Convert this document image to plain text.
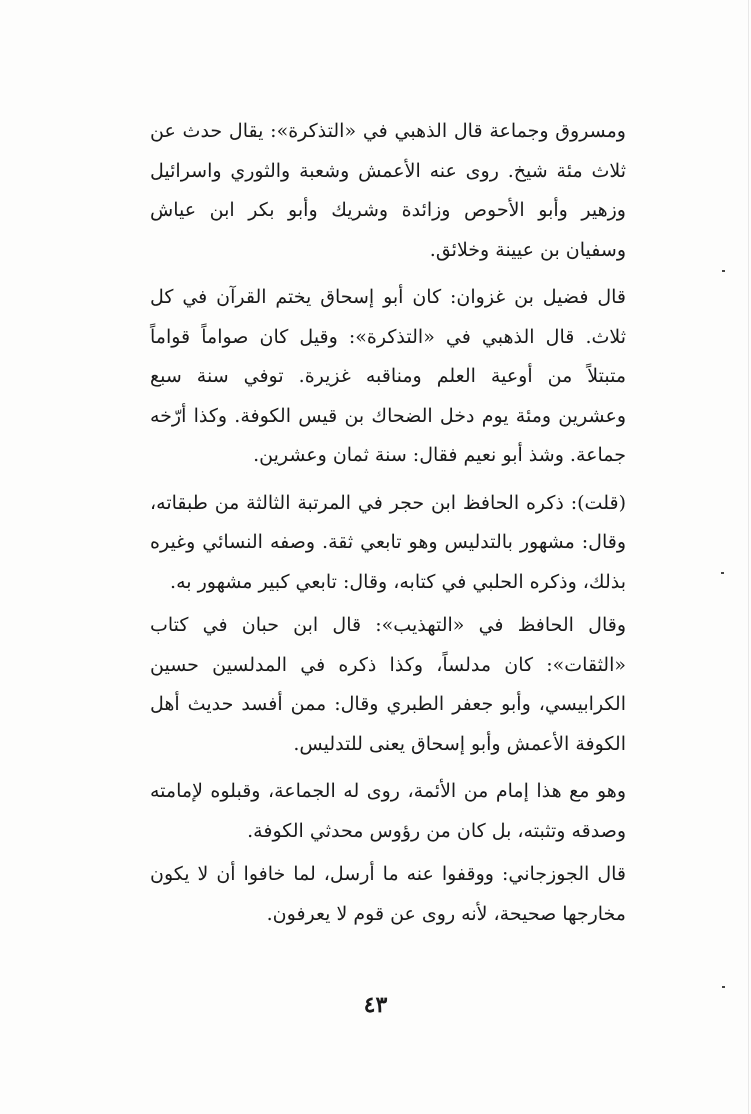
ومسروق وجماعة قال الذهبي في «التذكرة»: يقال حدث عن ثلاث مئة شيخ. روى عنه الأعمش وشعبة والثوري واسرائيل وزهير وأبو الأحوص وزائدة وشريك وأبو بكر ابن عياش وسفيان بن عيينة وخلائق.

قال فضيل بن غزوان: كان أبو إسحاق يختم القرآن في كل ثلاث. قال الذهبي في «التذكرة»: وقيل كان صواماً قواماً متبتلاً من أوعية العلم ومناقبه غزيرة. توفي سنة سبع وعشرين ومئة يوم دخل الضحاك بن قيس الكوفة. وكذا أرّخه جماعة. وشذ أبو نعيم فقال: سنة ثمان وعشرين.

(قلت): ذكره الحافظ ابن حجر في المرتبة الثالثة من طبقاته، وقال: مشهور بالتدليس وهو تابعي ثقة. وصفه النسائي وغيره بذلك، وذكره الحلبي في كتابه، وقال: تابعي كبير مشهور به.

وقال الحافظ في «التهذيب»: قال ابن حبان في كتاب «الثقات»: كان مدلساً، وكذا ذكره في المدلسين حسين الكرابيسي، وأبو جعفر الطبري وقال: ممن أفسد حديث أهل الكوفة الأعمش وأبو إسحاق يعنى للتدليس.

وهو مع هذا إمام من الأئمة، روى له الجماعة، وقبلوه لإمامته وصدقه وتثبته، بل كان من رؤوس محدثي الكوفة.

قال الجوزجاني: ووقفوا عنه ما أرسل، لما خافوا أن لا يكون مخارجها صحيحة، لأنه روى عن قوم لا يعرفون.

٤٣
